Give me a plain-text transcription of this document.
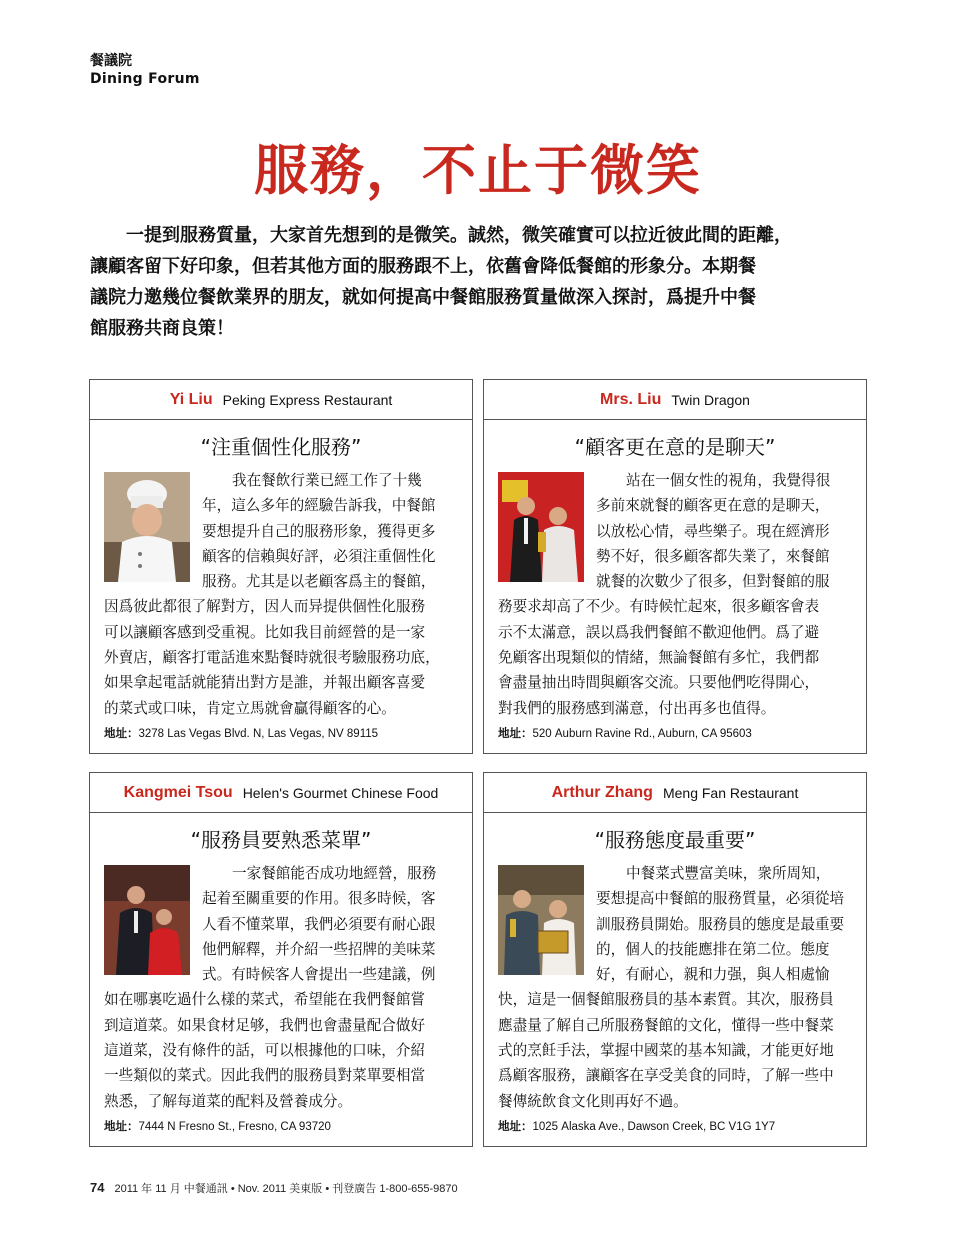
餐議院
Dining Forum
服務，不止于微笑
一提到服務質量，大家首先想到的是微笑。誠然，微笑確實可以拉近彼此間的距離，
讓顧客留下好印象，但若其他方面的服務跟不上，依舊會降低餐館的形象分。本期餐
議院力邀幾位餐飲業界的朋友，就如何提高中餐館服務質量做深入探討，爲提升中餐
館服務共商良策！
Yi Liu Peking Express Restaurant
“注重個性化服務”
我在餐飲行業已經工作了十幾
年，這么多年的經驗告訴我，中餐館
要想提升自己的服務形象，獲得更多
顧客的信賴與好評，必須注重個性化
服務。尤其是以老顧客爲主的餐館，
因爲彼此都很了解對方，因人而异提供個性化服務
可以讓顧客感到受重視。比如我目前經營的是一家
外賣店，顧客打電話進來點餐時就很考驗服務功底，
如果拿起電話就能猜出對方是誰，并報出顧客喜愛
的菜式或口味，肯定立馬就會贏得顧客的心。
地址：3278 Las Vegas Blvd. N, Las Vegas, NV 89115
Mrs. Liu Twin Dragon
“顧客更在意的是聊天”
站在一個女性的視角，我覺得很
多前來就餐的顧客更在意的是聊天，
以放松心情，尋些樂子。現在經濟形
勢不好，很多顧客都失業了，來餐館
就餐的次數少了很多，但對餐館的服
務要求却高了不少。有時候忙起來，很多顧客會表
示不太滿意，誤以爲我們餐館不歡迎他們。爲了避
免顧客出現類似的情緒，無論餐館有多忙，我們都
會盡量抽出時間與顧客交流。只要他們吃得開心，
對我們的服務感到滿意，付出再多也值得。
地址：520 Auburn Ravine Rd., Auburn, CA 95603
Kangmei Tsou Helen's Gourmet Chinese Food
“服務員要熟悉菜單”
一家餐館能否成功地經營，服務
起着至關重要的作用。很多時候，客
人看不懂菜單，我們必須要有耐心跟
他們解釋，并介紹一些招牌的美味菜
式。有時候客人會提出一些建議，例
如在哪裏吃過什么樣的菜式，希望能在我們餐館嘗
到這道菜。如果食材足够，我們也會盡量配合做好
這道菜，没有條件的話，可以根據他的口味，介紹
一些類似的菜式。因此我們的服務員對菜單要相當
熟悉，了解每道菜的配料及營養成分。
地址：7444 N Fresno St., Fresno, CA 93720
Arthur Zhang Meng Fan Restaurant
“服務態度最重要”
中餐菜式豐富美味，衆所周知，
要想提高中餐館的服務質量，必須從培
訓服務員開始。服務員的態度是最重要
的，個人的技能應排在第二位。態度
好，有耐心，親和力强，與人相處愉
快，這是一個餐館服務員的基本素質。其次，服務員
應盡量了解自己所服務餐館的文化，懂得一些中餐菜
式的烹飪手法，掌握中國菜的基本知識，才能更好地
爲顧客服務，讓顧客在享受美食的同時，了解一些中
餐傳統飲食文化則再好不過。
地址：1025 Alaska Ave., Dawson Creek, BC V1G 1Y7
74 2011 年 11 月 中餐通訊 • Nov. 2011 美東版 • 刊登廣告 1-800-655-9870
